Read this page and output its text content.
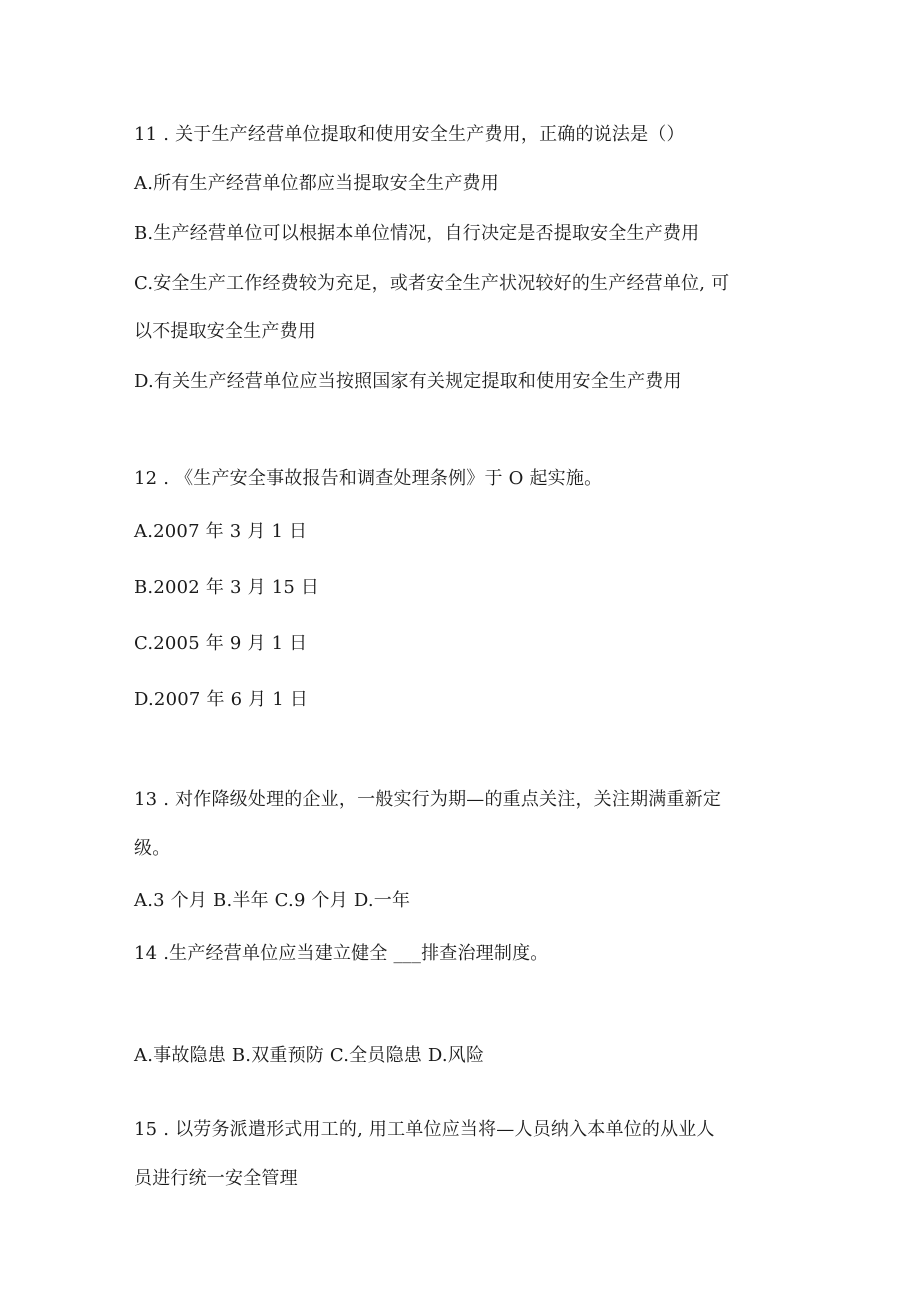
11 . 关于生产经营单位提取和使用安全生产费用，正确的说法是（）
A.所有生产经营单位都应当提取安全生产费用
B.生产经营单位可以根据本单位情况，自行决定是否提取安全生产费用
C.安全生产工作经费较为充足，或者安全生产状况较好的生产经营单位, 可
以不提取安全生产费用
D.有关生产经营单位应当按照国家有关规定提取和使用安全生产费用
12 . 《生产安全事故报告和调查处理条例》于 O 起实施。
A.2007 年 3 月 1 日
B.2002 年 3 月 15 日
C.2005 年 9 月 1 日
D.2007 年 6 月 1 日
13 . 对作降级处理的企业，一般实行为期—的重点关注，关注期满重新定
级。
A.3 个月 B.半年 C.9 个月 D.一年
14 .生产经营单位应当建立健全 ___排查治理制度。
A.事故隐患 B.双重预防 C.全员隐患 D.风险
15 . 以劳务派遣形式用工的, 用工单位应当将—人员纳入本单位的从业人
员进行统一安全管理
